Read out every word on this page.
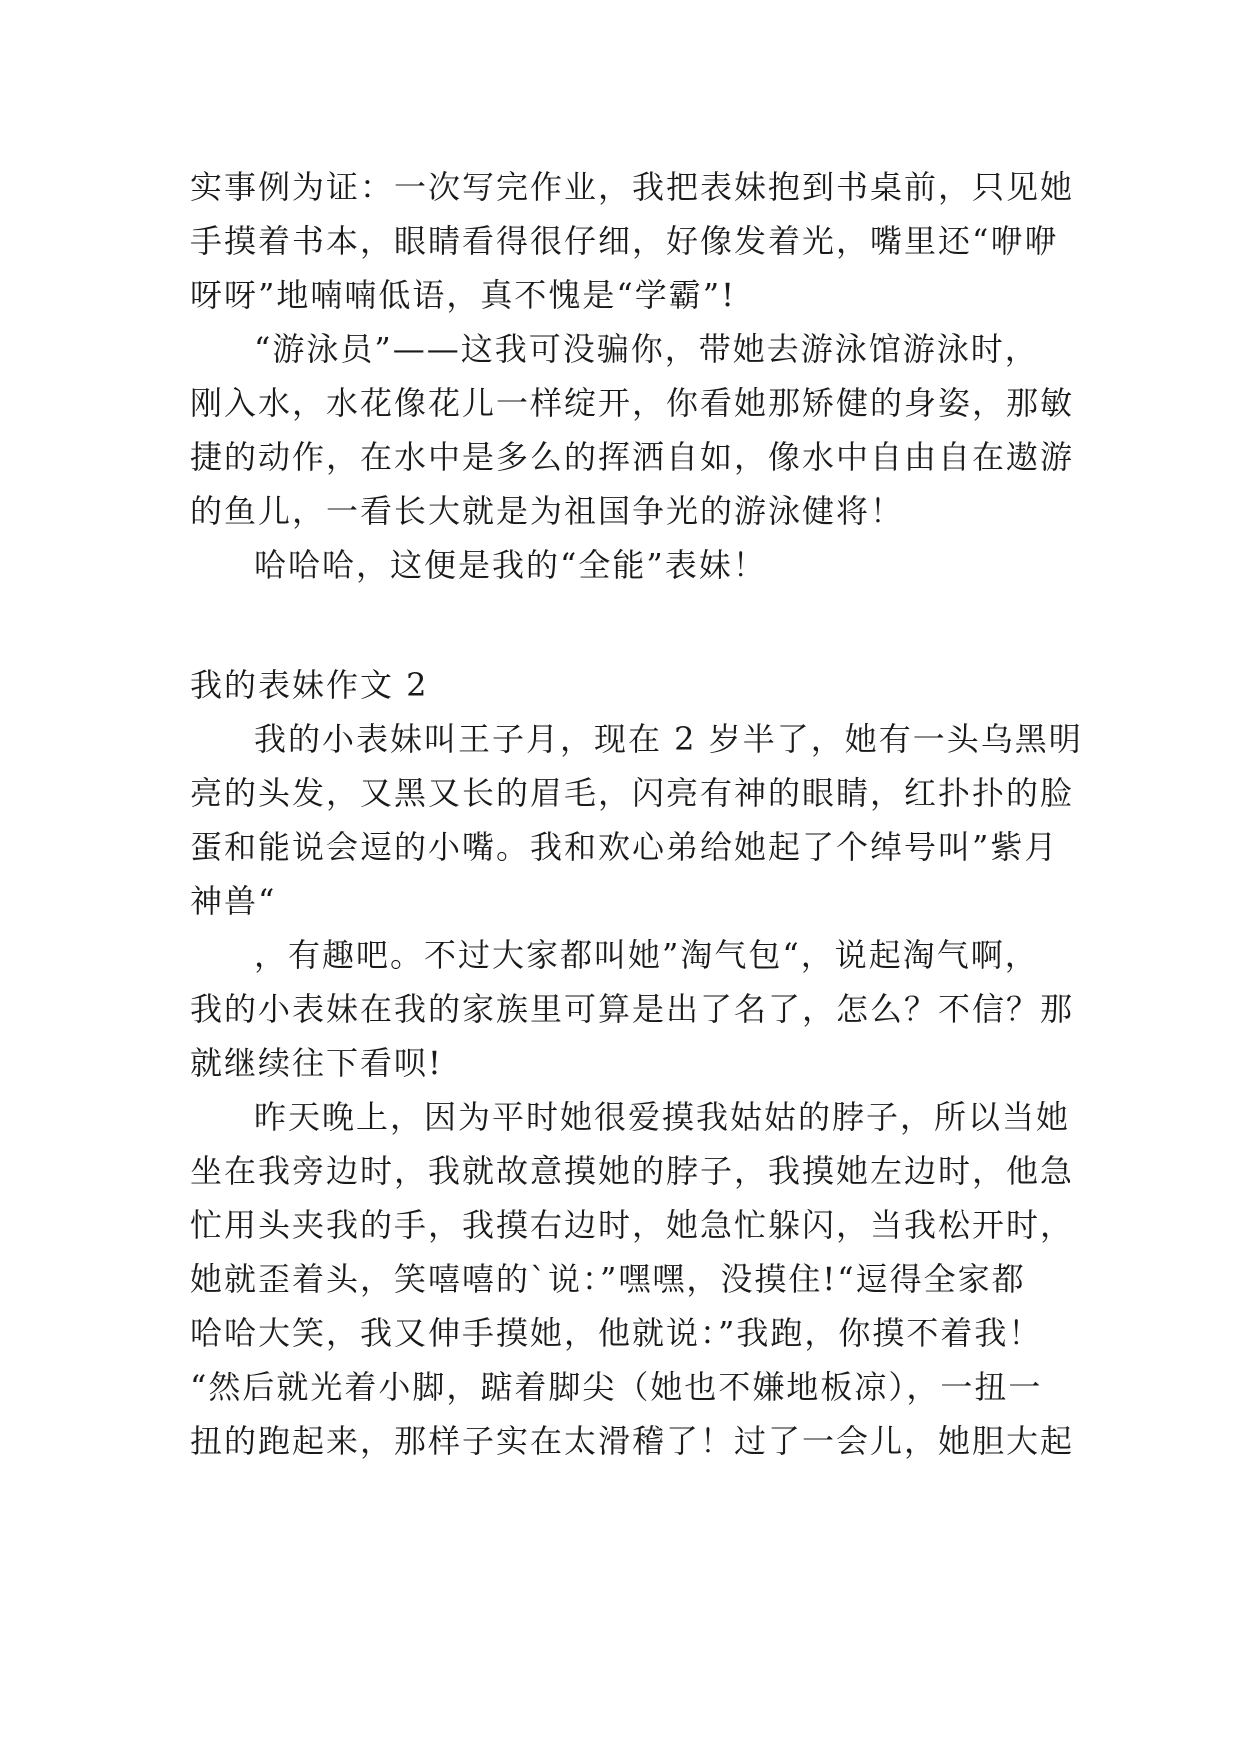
实事例为证：一次写完作业，我把表妹抱到书桌前，只见她
手摸着书本，眼睛看得很仔细，好像发着光，嘴里还“咿咿
呀呀”地喃喃低语，真不愧是“学霸”!
“游泳员”——这我可没骗你，带她去游泳馆游泳时，
刚入水，水花像花儿一样绽开，你看她那矫健的身姿，那敏
捷的动作，在水中是多么的挥洒自如，像水中自由自在遨游
的鱼儿，一看长大就是为祖国争光的游泳健将！
哈哈哈，这便是我的“全能”表妹！
我的表妹作文 2
我的小表妹叫王子月，现在 2 岁半了，她有一头乌黑明
亮的头发，又黑又长的眉毛，闪亮有神的眼睛，红扑扑的脸
蛋和能说会逗的小嘴。我和欢心弟给她起了个绰号叫”紫月
神兽“
，有趣吧。不过大家都叫她”淘气包“，说起淘气啊，
我的小表妹在我的家族里可算是出了名了，怎么？不信？那
就继续往下看呗!
昨天晚上，因为平时她很爱摸我姑姑的脖子，所以当她
坐在我旁边时，我就故意摸她的脖子，我摸她左边时，他急
忙用头夹我的手，我摸右边时，她急忙躲闪，当我松开时，
她就歪着头，笑嘻嘻的`说：”嘿嘿，没摸住!“逗得全家都
哈哈大笑，我又伸手摸她，他就说：”我跑，你摸不着我！
“然后就光着小脚，踮着脚尖（她也不嫌地板凉），一扭一
扭的跑起来，那样子实在太滑稽了！过了一会儿，她胆大起
